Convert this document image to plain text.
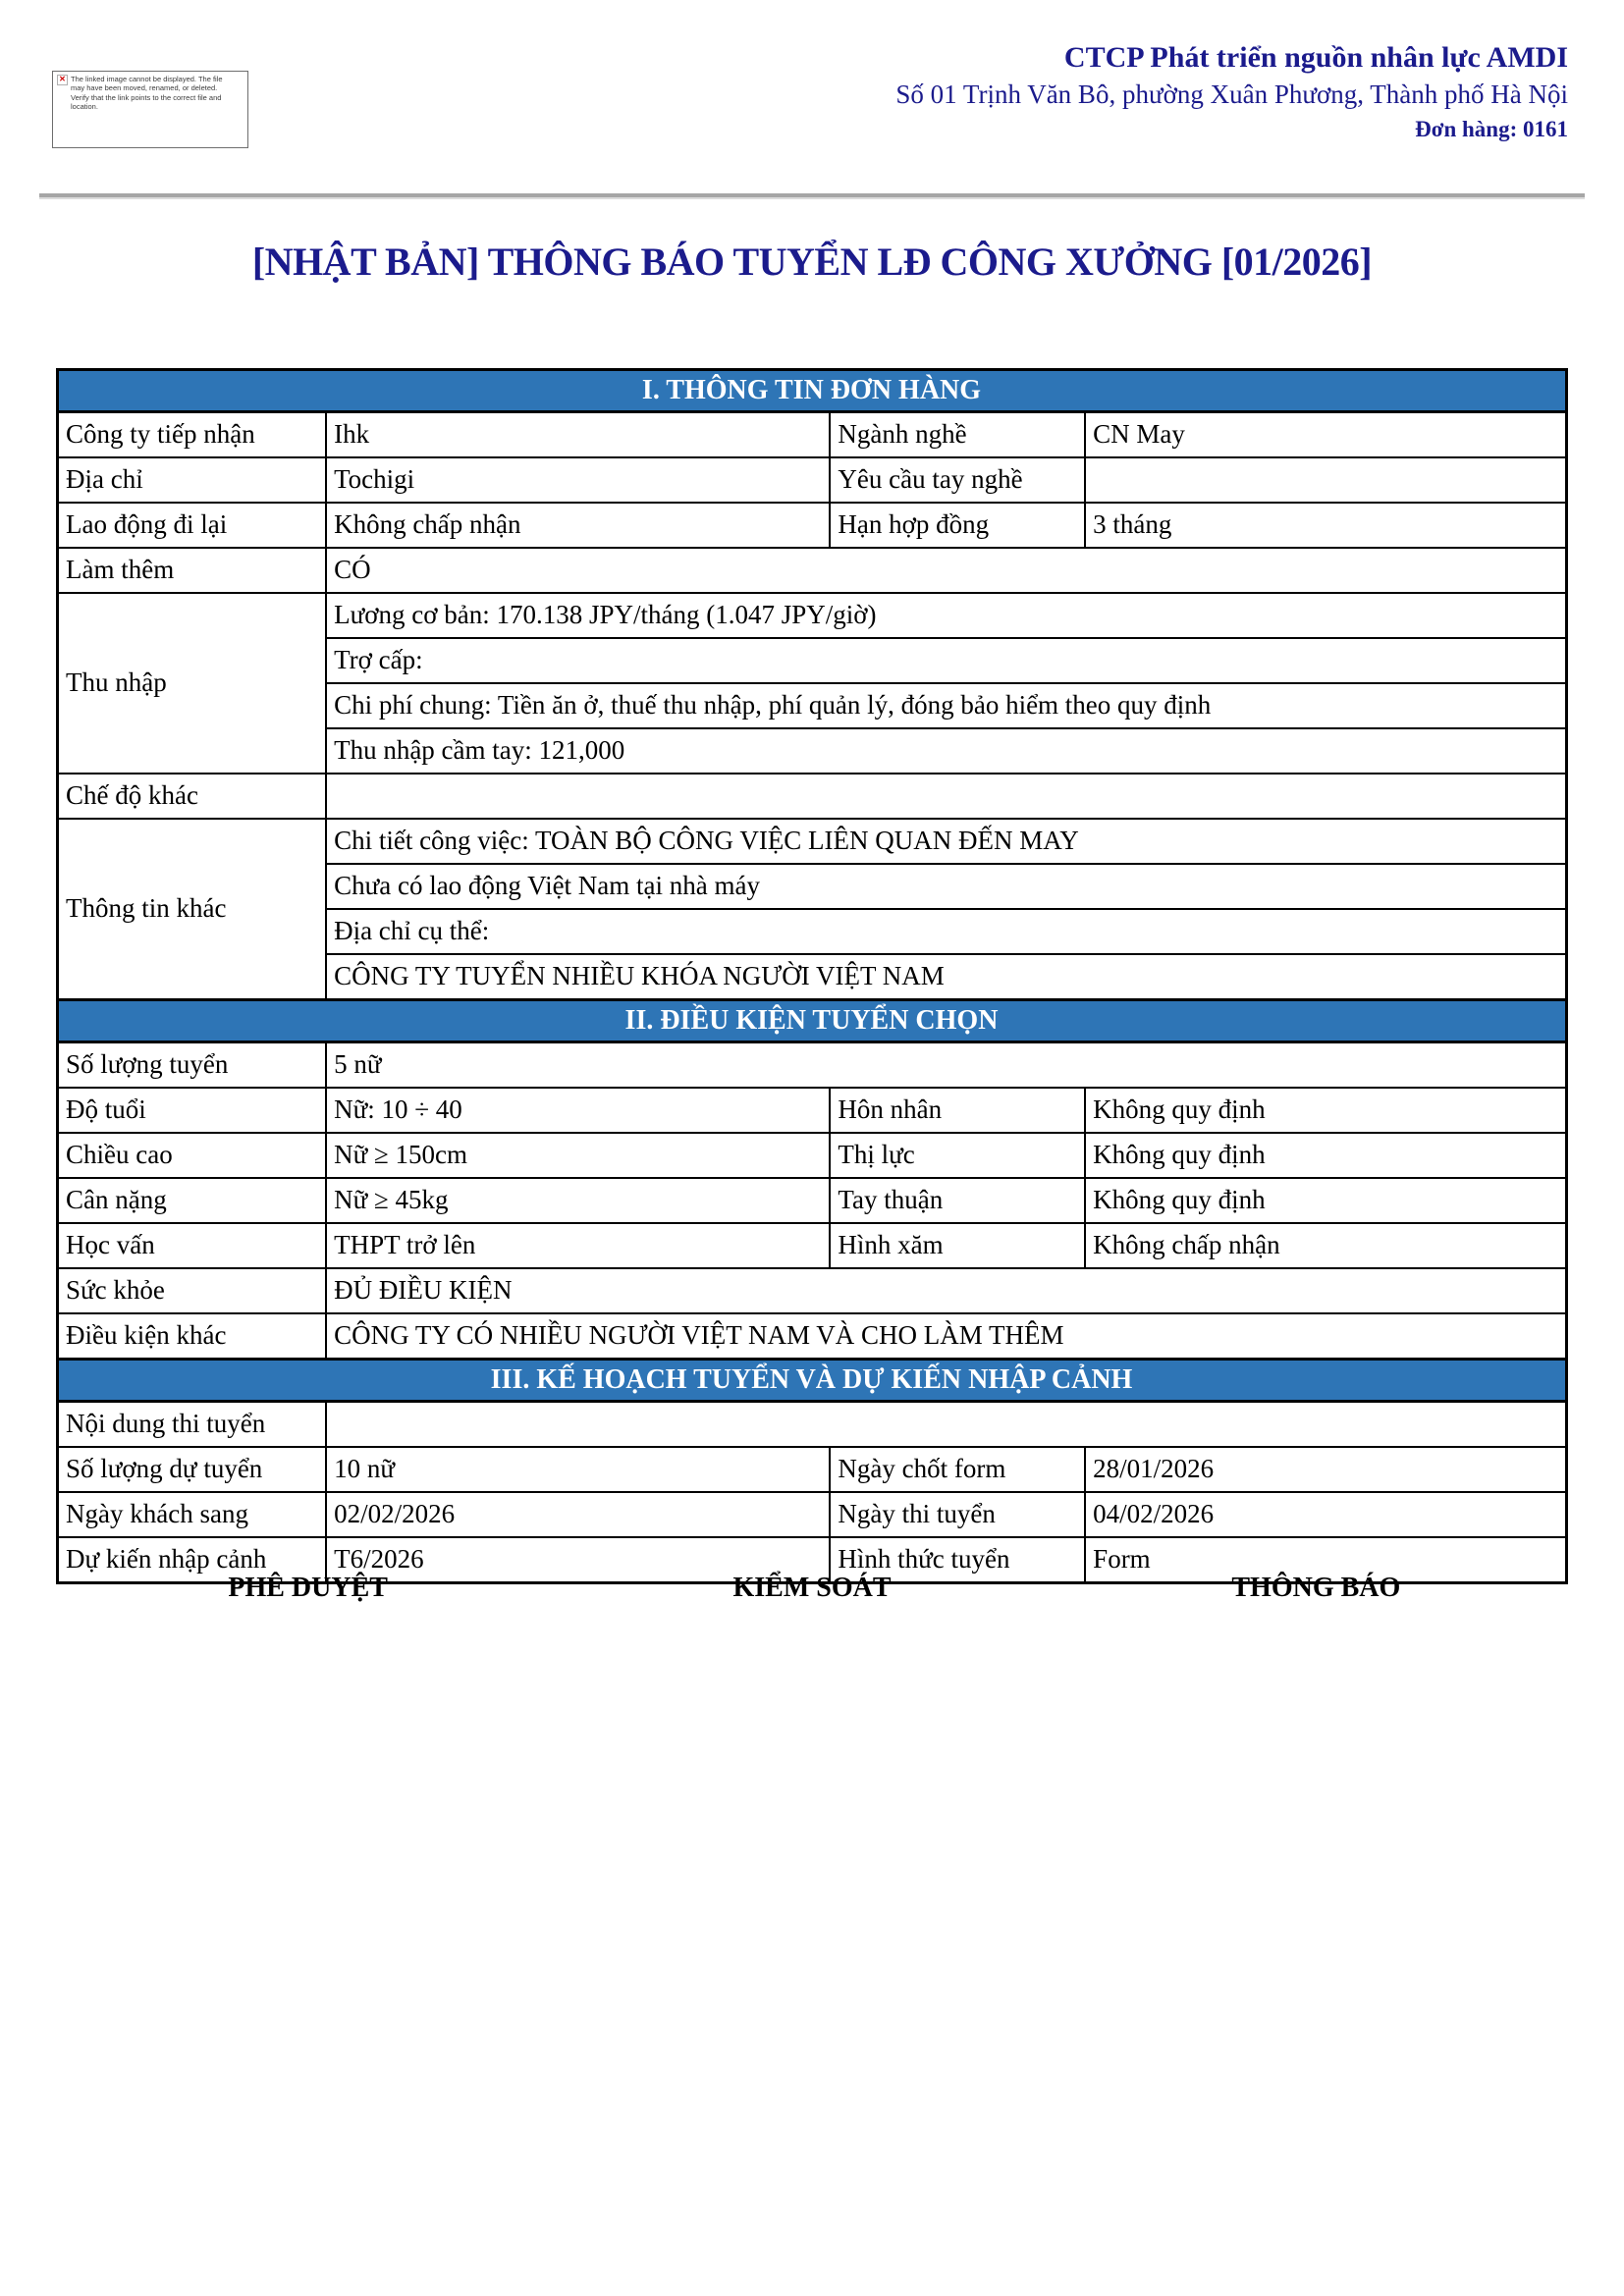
✕ The linked image cannot be displayed. The file may have been moved, renamed, or deleted. Verify that the link points to the correct file and location.
CTCP Phát triển nguồn nhân lực AMDI
Số 01 Trịnh Văn Bô, phường Xuân Phương, Thành phố Hà Nội
Đơn hàng: 0161
[NHẬT BẢN] THÔNG BÁO TUYỂN LĐ CÔNG XƯỞNG [01/2026]
I. THÔNG TIN ĐƠN HÀNG			
Công ty tiếp nhận	Ihk	Ngành nghề	CN May
Địa chỉ	Tochigi	Yêu cầu tay nghề	
Lao động đi lại	Không chấp nhận	Hạn hợp đồng	3 tháng
Làm thêm	CÓ		
Thu nhập	Lương cơ bản: 170.138 JPY/tháng (1.047 JPY/giờ)		
	Trợ cấp:		
	Chi phí chung: Tiền ăn ở, thuế thu nhập, phí quản lý, đóng bảo hiểm theo quy định		
	Thu nhập cầm tay: 121,000		
Chế độ khác			
Thông tin khác	Chi tiết công việc: TOÀN BỘ CÔNG VIỆC LIÊN QUAN ĐẾN MAY		
	Chưa có lao động Việt Nam tại nhà máy		
	Địa chỉ cụ thể:		
	CÔNG TY TUYỂN NHIỀU KHÓA NGƯỜI VIỆT NAM		
II. ĐIỀU KIỆN TUYỂN CHỌN			
Số lượng tuyển	5 nữ		
Độ tuổi	Nữ: 10 ÷ 40	Hôn nhân	Không quy định
Chiều cao	Nữ ≥ 150cm	Thị lực	Không quy định
Cân nặng	Nữ ≥ 45kg	Tay thuận	Không quy định
Học vấn	THPT trở lên	Hình xăm	Không chấp nhận
Sức khỏe	ĐỦ ĐIỀU KIỆN		
Điều kiện khác	CÔNG TY CÓ NHIỀU NGƯỜI VIỆT NAM VÀ CHO LÀM THÊM		
III. KẾ HOẠCH TUYỂN VÀ DỰ KIẾN NHẬP CẢNH			
Nội dung thi tuyển			
Số lượng dự tuyển	10 nữ	Ngày chốt form	28/01/2026
Ngày khách sang	02/02/2026	Ngày thi tuyển	04/02/2026
Dự kiến nhập cảnh	T6/2026	Hình thức tuyển	Form
PHÊ DUYỆT	KIỂM SOÁT	THÔNG BÁO
